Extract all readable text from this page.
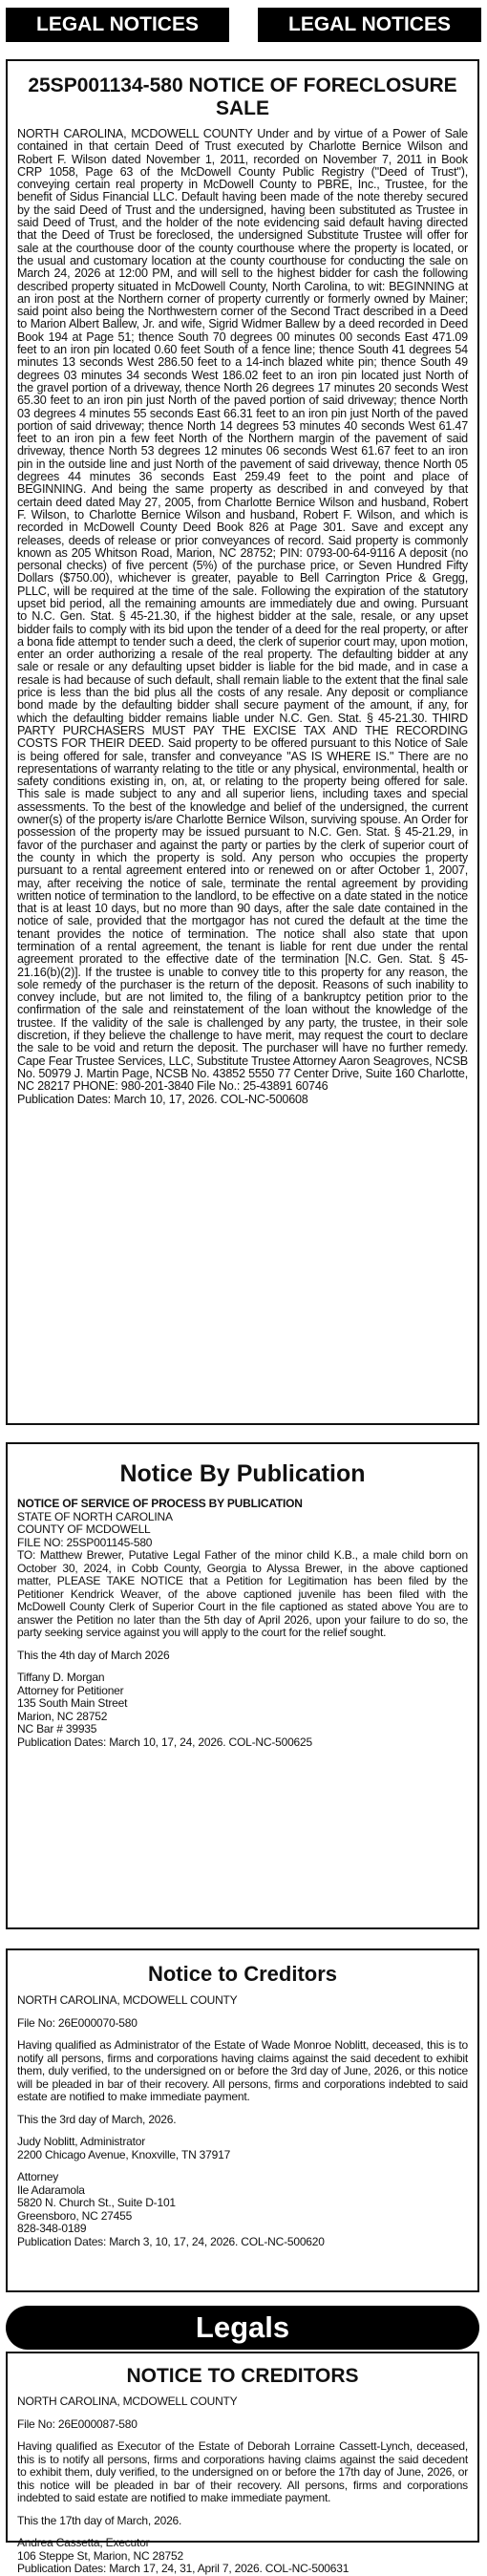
LEGAL NOTICES	LEGAL NOTICES
25SP001134-580 NOTICE OF FORECLOSURE SALE

NORTH CAROLINA, MCDOWELL COUNTY Under and by virtue of a Power of Sale contained in that certain Deed of Trust executed by Charlotte Bernice Wilson and Robert F. Wilson dated November 1, 2011, recorded on November 7, 2011 in Book CRP 1058, Page 63 of the McDowell County Public Registry ("Deed of Trust"), conveying certain real property in McDowell County to PBRE, Inc., Trustee, for the benefit of Sidus Financial LLC. Default having been made of the note thereby secured by the said Deed of Trust and the undersigned, having been substituted as Trustee in said Deed of Trust, and the holder of the note evidencing said default having directed that the Deed of Trust be foreclosed, the undersigned Substitute Trustee will offer for sale at the courthouse door of the county courthouse where the property is located, or the usual and customary location at the county courthouse for conducting the sale on March 24, 2026 at 12:00 PM, and will sell to the highest bidder for cash the following described property situated in McDowell County, North Carolina, to wit: BEGINNING at an iron post at the Northern corner of property currently or formerly owned by Mainer; said point also being the Northwestern corner of the Second Tract described in a Deed to Marion Albert Ballew, Jr. and wife, Sigrid Widmer Ballew by a deed recorded in Deed Book 194 at Page 51; thence South 70 degrees 00 minutes 00 seconds East 471.09 feet to an iron pin located 0.60 feet South of a fence line; thence South 41 degrees 54 minutes 13 seconds West 286.50 feet to a 14-inch blazed white pin; thence South 49 degrees 03 minutes 34 seconds West 186.02 feet to an iron pin located just North of the gravel portion of a driveway, thence North 26 degrees 17 minutes 20 seconds West 65.30 feet to an iron pin just North of the paved portion of said driveway; thence North 03 degrees 4 minutes 55 seconds East 66.31 feet to an iron pin just North of the paved portion of said driveway; thence North 14 degrees 53 minutes 40 seconds West 61.47 feet to an iron pin a few feet North of the Northern margin of the pavement of said driveway, thence North 53 degrees 12 minutes 06 seconds West 61.67 feet to an iron pin in the outside line and just North of the pavement of said driveway, thence North 05 degrees 44 minutes 36 seconds East 259.49 feet to the point and place of BEGINNING. And being the same property as described in and conveyed by that certain deed dated May 27, 2005, from Charlotte Bernice Wilson and husband, Robert F. Wilson, to Charlotte Bernice Wilson and husband, Robert F. Wilson, and which is recorded in McDowell County Deed Book 826 at Page 301. Save and except any releases, deeds of release or prior conveyances of record. Said property is commonly known as 205 Whitson Road, Marion, NC 28752; PIN: 0793-00-64-9116 A deposit (no personal checks) of five percent (5%) of the purchase price, or Seven Hundred Fifty Dollars ($750.00), whichever is greater, payable to Bell Carrington Price & Gregg, PLLC, will be required at the time of the sale. Following the expiration of the statutory upset bid period, all the remaining amounts are immediately due and owing. Pursuant to N.C. Gen. Stat. § 45-21.30, if the highest bidder at the sale, resale, or any upset bidder fails to comply with its bid upon the tender of a deed for the real property, or after a bona fide attempt to tender such a deed, the clerk of superior court may, upon motion, enter an order authorizing a resale of the real property. The defaulting bidder at any sale or resale or any defaulting upset bidder is liable for the bid made, and in case a resale is had because of such default, shall remain liable to the extent that the final sale price is less than the bid plus all the costs of any resale. Any deposit or compliance bond made by the defaulting bidder shall secure payment of the amount, if any, for which the defaulting bidder remains liable under N.C. Gen. Stat. § 45-21.30. THIRD PARTY PURCHASERS MUST PAY THE EXCISE TAX AND THE RECORDING COSTS FOR THEIR DEED. Said property to be offered pursuant to this Notice of Sale is being offered for sale, transfer and conveyance "AS IS WHERE IS." There are no representations of warranty relating to the title or any physical, environmental, health or safety conditions existing in, on, at, or relating to the property being offered for sale. This sale is made subject to any and all superior liens, including taxes and special assessments. To the best of the knowledge and belief of the undersigned, the current owner(s) of the property is/are Charlotte Bernice Wilson, surviving spouse. An Order for possession of the property may be issued pursuant to N.C. Gen. Stat. § 45-21.29, in favor of the purchaser and against the party or parties by the clerk of superior court of the county in which the property is sold. Any person who occupies the property pursuant to a rental agreement entered into or renewed on or after October 1, 2007, may, after receiving the notice of sale, terminate the rental agreement by providing written notice of termination to the landlord, to be effective on a date stated in the notice that is at least 10 days, but no more than 90 days, after the sale date contained in the notice of sale, provided that the mortgagor has not cured the default at the time the tenant provides the notice of termination. The notice shall also state that upon termination of a rental agreement, the tenant is liable for rent due under the rental agreement prorated to the effective date of the termination [N.C. Gen. Stat. § 45-21.16(b)(2)]. If the trustee is unable to convey title to this property for any reason, the sole remedy of the purchaser is the return of the deposit. Reasons of such inability to convey include, but are not limited to, the filing of a bankruptcy petition prior to the confirmation of the sale and reinstatement of the loan without the knowledge of the trustee. If the validity of the sale is challenged by any party, the trustee, in their sole discretion, if they believe the challenge to have merit, may request the court to declare the sale to be void and return the deposit. The purchaser will have no further remedy. Cape Fear Trustee Services, LLC, Substitute Trustee Attorney Aaron Seagroves, NCSB No. 50979 J. Martin Page, NCSB No. 43852 5550 77 Center Drive, Suite 160 Charlotte, NC 28217 PHONE: 980-201-3840 File No.: 25-43891 60746

Publication Dates: March 10, 17, 2026. COL-NC-500608

Notice By Publication

NOTICE OF SERVICE OF PROCESS BY PUBLICATION

STATE OF NORTH CAROLINA

COUNTY OF MCDOWELL

FILE NO: 25SP001145-580

TO: Matthew Brewer, Putative Legal Father of the minor child K.B., a male child born on October 30, 2024, in Cobb County, Georgia to Alyssa Brewer, in the above captioned matter, PLEASE TAKE NOTICE that a Petition for Legitimation has been filed by the Petitioner Kendrick Weaver, of the above captioned juvenile has been filed with the McDowell County Clerk of Superior Court in the file captioned as stated above You are to answer the Petition no later than the 5th day of April 2026, upon your failure to do so, the party seeking service against you will apply to the court for the relief sought.

This the 4th day of March 2026

Tiffany D. Morgan

Attorney for Petitioner

135 South Main Street

Marion, NC 28752

NC Bar # 39935

Publication Dates: March 10, 17, 24, 2026. COL-NC-500625

Notice to Creditors

NORTH CAROLINA, MCDOWELL COUNTY

File No: 26E000070-580

Having qualified as Administrator of the Estate of Wade Monroe Noblitt, deceased, this is to notify all persons, firms and corporations having claims against the said decedent to exhibit them, duly verified, to the undersigned on or before the 3rd day of June, 2026, or this notice will be pleaded in bar of their recovery. All persons, firms and corporations indebted to said estate are notified to make immediate payment.

This the 3rd day of March, 2026.

Judy Noblitt, Administrator

2200 Chicago Avenue, Knoxville, TN 37917

Attorney

Ile Adaramola

5820 N. Church St., Suite D-101

Greensboro, NC 27455

828-348-0189

Publication Dates: March 3, 10, 17, 24, 2026. COL-NC-500620

Legals
NOTICE TO CREDITORS

NORTH CAROLINA, MCDOWELL COUNTY

File No: 26E000087-580

Having qualified as Executor of the Estate of Deborah Lorraine Cassett-Lynch, deceased, this is to notify all persons, firms and corporations having claims against the said decedent to exhibit them, duly verified, to the undersigned on or before the 17th day of June, 2026, or this notice will be pleaded in bar of their recovery. All persons, firms and corporations indebted to said estate are notified to make immediate payment.

This the 17th day of March, 2026.

Andrea Cassetta, Executor

106 Steppe St, Marion, NC 28752

Publication Dates: March 17, 24, 31, April 7, 2026. COL-NC-500631
